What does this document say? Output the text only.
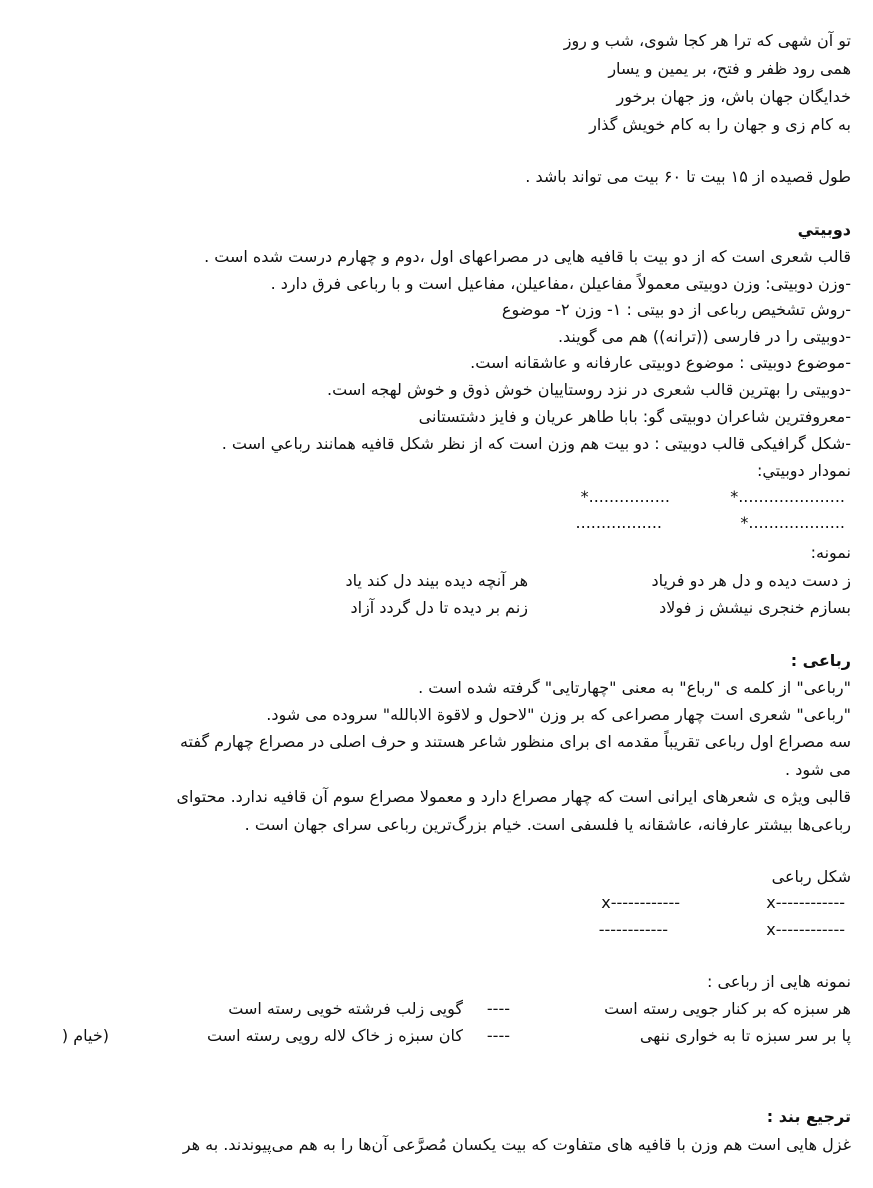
تو آن شهی که ترا هر کجا شوی، شب و روز
همی رود ظفر و فتح، بر یمین و یسار
خدایگان جهان باش، وز جهان برخور
به کام زی و جهان را به کام خویش گذار
طول قصیده از ۱۵ بیت تا ۶۰ بیت می تواند باشد .
دوبيتي
قالب شعری است که از دو بیت با قافیه هایی در مصراعهای اول ،دوم و چهارم درست شده است .
-وزن دوبیتی: وزن دوبیتی معمولاً مفاعیلن ،مفاعیلن، مفاعیل است و با رباعی فرق دارد .
-روش تشخیص رباعی از دو بیتی : ۱- وزن ۲- موضوع
-دوبیتی را در فارسی ((ترانه)) هم می گویند.
-موضوع دوبیتی : موضوع دوبیتی عارفانه و عاشقانه است.
-دوبیتی را بهترین قالب شعری در نزد روستاییان خوش ذوق و خوش لهجه است.
-معروفترین شاعران دوبیتی گو: بابا طاهر عریان و فایز دشتستانی
-شکل گرافیکی قالب دوبیتی : دو بیت هم وزن است که از نظر شکل قافیه همانند رباعي است .
نمودار دوبيتي:
*.....................
*................
*...................
.................
نمونه:
ز دست دیده و دل هر دو فریاد
هر آنچه دیده بیند دل کند یاد
بسازم خنجری نیشش ز فولاد
زنم بر دیده تا دل گردد آزاد
رباعی :
"رباعی" از کلمه ی "رباع" به معنی "چهارتایی" گرفته شده است .
"رباعی" شعری است چهار مصراعی که بر وزن "لاحول و لاقوة الابالله" سروده می شود.
سه مصراع اول رباعی تقریباً مقدمه ای برای منظور شاعر هستند و حرف اصلی در مصراع چهارم گفته
می شود .
قالبی ویژه ی شعرهای ایرانی است که چهار مصراع دارد و معمولا مصراع سوم آن قافیه ندارد. محتوای
رباعی‌ها بیشتر عارفانه، عاشقانه یا فلسفی است. خیام بزرگ‌ترین رباعی سرای جهان است .
شکل رباعی
x------------
x------------
x------------
------------
نمونه هایی از رباعی :
هر سبزه که بر کنار جویی رسته است
----
گویی زلب فرشته خویی رسته است
پا بر سر سبزه تا به خواری ننهی
----
کان سبزه ز خاک لاله رویی رسته است
(خیام (
ترجیع بند :
غزل هایی است هم وزن با قافیه های متفاوت که بیت یکسان مُصرَّعی آن‌ها را به هم می‌پیوندند. به هر
